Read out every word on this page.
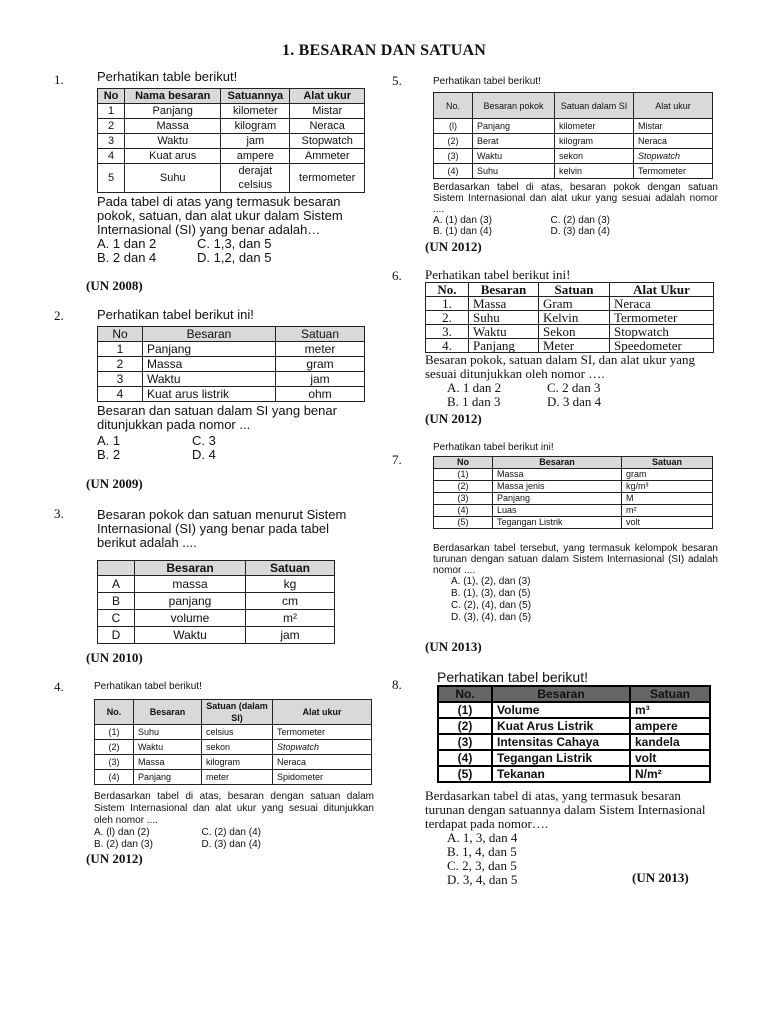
1. BESARAN DAN SATUAN
1.	Perhatikan table berikut!

No	Nama besaran	Satuannya	Alat ukur
1	Panjang	kilometer	Mistar
2	Massa	kilogram	Neraca
3	Waktu	jam	Stopwatch
4	Kuat arus	ampere	Ammeter
5	Suhu	derajat celsius	termometer

Pada tabel di atas yang termasuk besaran pokok, satuan, dan alat ukur dalam Sistem Internasional (SI) yang benar adalah…

A. 1 dan 2	C. 1,3, dan 5
B. 2 dan 4	D. 1,2, dan 5
(UN 2008)
2.	Perhatikan tabel berikut ini!

No	Besaran	Satuan
1	Panjang	meter
2	Massa	gram
3	Waktu	jam
4	Kuat arus listrik	ohm

Besaran dan satuan dalam SI yang benar ditunjukkan pada nomor ...

A. 1	C. 3
B. 2	D. 4
(UN 2009)
3.	Besaran pokok dan satuan menurut Sistem Internasional (SI) yang benar pada tabel berikut adalah ....

	Besaran	Satuan
A	massa	kg
B	panjang	cm
C	volume	m²
D	Waktu	jam
(UN 2010)
4.	Perhatikan tabel berikut!

No.	Besaran	Satuan (dalam SI)	Alat ukur
(1)	Suhu	celsius	Termometer
(2)	Waktu	sekon	Stopwatch
(3)	Massa	kilogram	Neraca
(4)	Panjang	meter	Spidometer

Berdasarkan tabel di atas, besaran dengan satuan dalam Sistem Internasional dan alat ukur yang sesuai ditunjukkan oleh nomor ....

A. (l) dan (2)	C. (2) dan (4)
B. (2) dan (3)	D. (3) dan (4)
(UN 2012)
5.	Perhatikan tabel berikut!

No.	Besaran pokok	Satuan dalam SI	Alat ukur
(l)	Panjang	kilometer	Mistar
(2)	Berat	kilogram	Neraca
(3)	Waktu	sekon	Stopwatch
(4)	Suhu	kelvin	Termometer

Berdasarkan tabel di atas, besaran pokok dengan satuan Sistem Internasional dan alat ukur yang sesuai adalah nomor ....

A. (1) dan (3)	C. (2) dan (3)
B. (1) dan (4)	D. (3) dan (4)
(UN 2012)
6. Perhatikan tabel berikut ini!

No.	Besaran	Satuan	Alat Ukur
1.	Massa	Gram	Neraca
2.	Suhu	Kelvin	Termometer
3.	Waktu	Sekon	Stopwatch
4.	Panjang	Meter	Speedometer

Besaran pokok, satuan dalam SI, dan alat ukur yang sesuai ditunjukkan oleh nomor ….

A. 1 dan 2	C. 2 dan 3
B. 1 dan 3	D. 3 dan 4
(UN 2012)
7.

Perhatikan tabel berikut ini!

No	Besaran	Satuan
(1)	Massa	gram
(2)	Massa jenis	kg/m³
(3)	Panjang	M
(4)	Luas	m²
(5)	Tegangan Listrik	volt

Berdasarkan tabel tersebut, yang termasuk kelompok besaran turunan dengan satuan dalam Sistem Internasional (SI) adalah nomor ....

A. (1), (2), dan (3)
B. (1), (3), dan (5)
C. (2), (4), dan (5)
D. (3), (4), dan (5)
(UN 2013)
8.	Perhatikan tabel berikut!

No.	Besaran	Satuan
(1)	Volume	m³
(2)	Kuat Arus Listrik	ampere
(3)	Intensitas Cahaya	kandela
(4)	Tegangan Listrik	volt
(5)	Tekanan	N/m²

Berdasarkan tabel di atas, yang termasuk besaran turunan dengan satuannya dalam Sistem Internasional terdapat pada nomor….

A. 1, 3, dan 4
B. 1, 4, dan 5
C. 2, 3, dan 5
D. 3, 4, dan 5	(UN 2013)
